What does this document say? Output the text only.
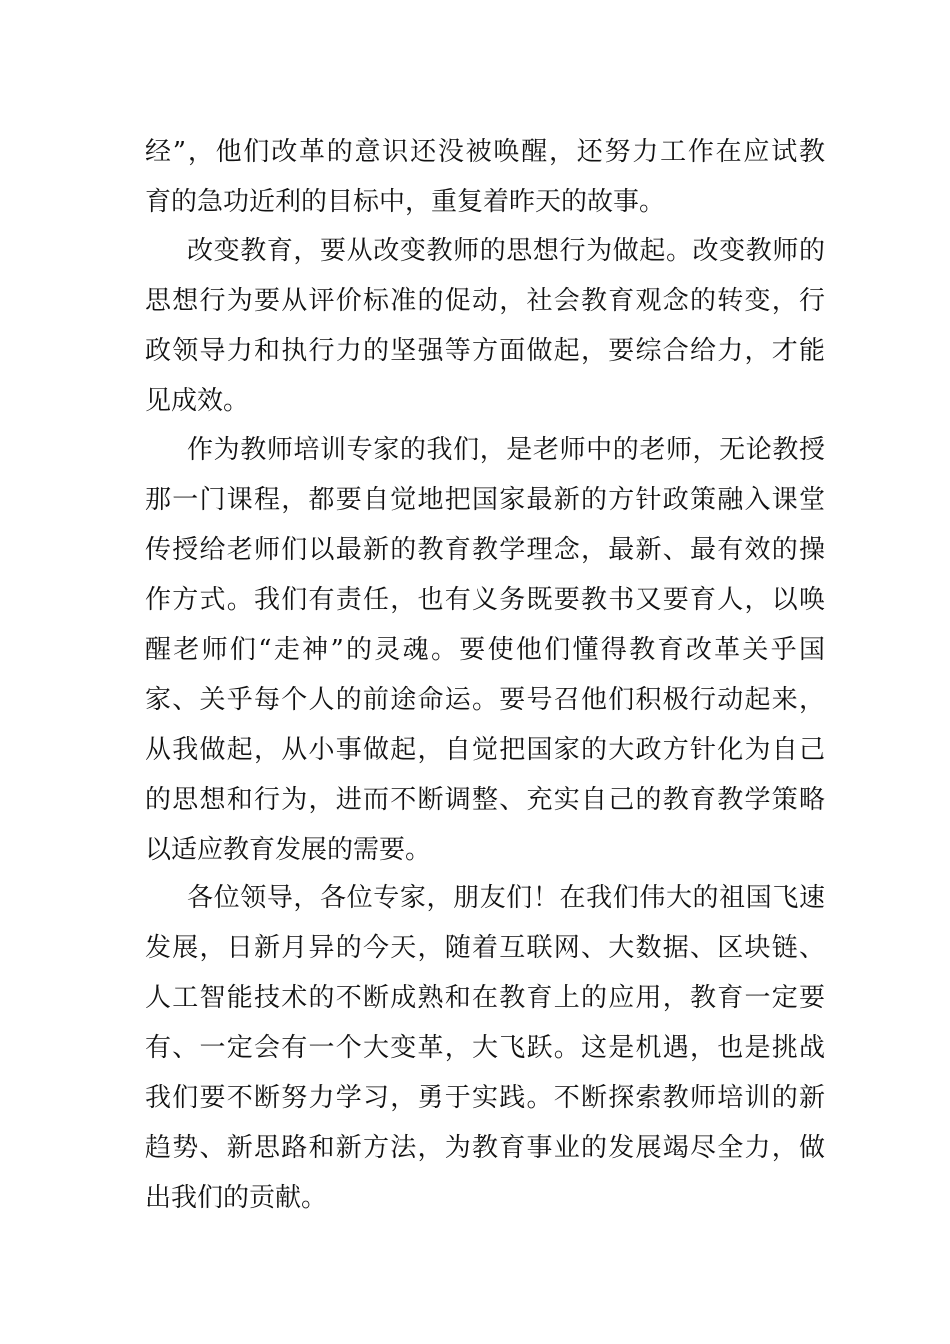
经”，他们改革的意识还没被唤醒，还努力工作在应试教
育的急功近利的目标中，重复着昨天的故事。
改变教育，要从改变教师的思想行为做起。改变教师的
思想行为要从评价标准的促动，社会教育观念的转变，行
政领导力和执行力的坚强等方面做起，要综合给力，才能
见成效。
作为教师培训专家的我们，是老师中的老师，无论教授
那一门课程，都要自觉地把国家最新的方针政策融入课堂
传授给老师们以最新的教育教学理念，最新、最有效的操
作方式。我们有责任，也有义务既要教书又要育人，以唤
醒老师们“走神”的灵魂。要使他们懂得教育改革关乎国
家、关乎每个人的前途命运。要号召他们积极行动起来，
从我做起，从小事做起，自觉把国家的大政方针化为自己
的思想和行为，进而不断调整、充实自己的教育教学策略
以适应教育发展的需要。
各位领导，各位专家，朋友们！在我们伟大的祖国飞速
发展，日新月异的今天，随着互联网、大数据、区块链、
人工智能技术的不断成熟和在教育上的应用，教育一定要
有、一定会有一个大变革，大飞跃。这是机遇，也是挑战
我们要不断努力学习，勇于实践。不断探索教师培训的新
趋势、新思路和新方法，为教育事业的发展竭尽全力，做
出我们的贡献。
